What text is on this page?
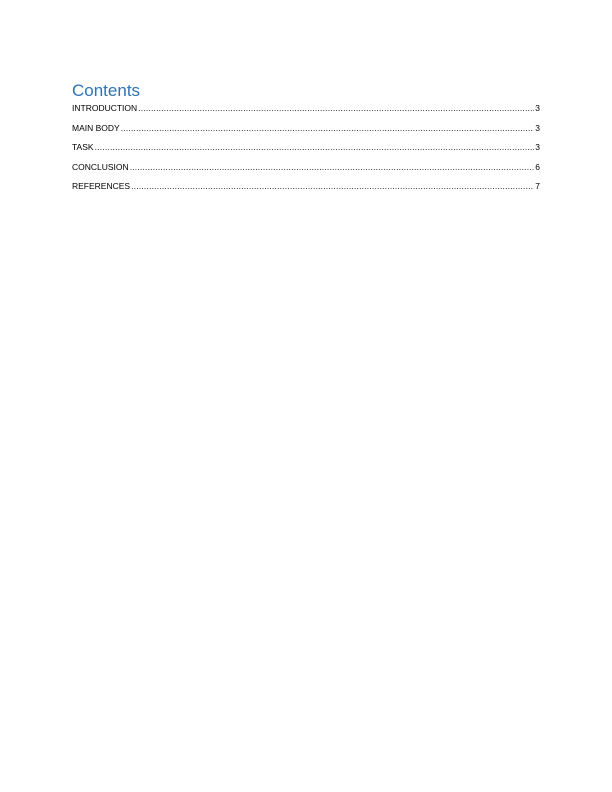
Contents
INTRODUCTION .....	3
MAIN BODY .....	3
TASK .....	3
CONCLUSION .....	6
REFERENCES .....	7
